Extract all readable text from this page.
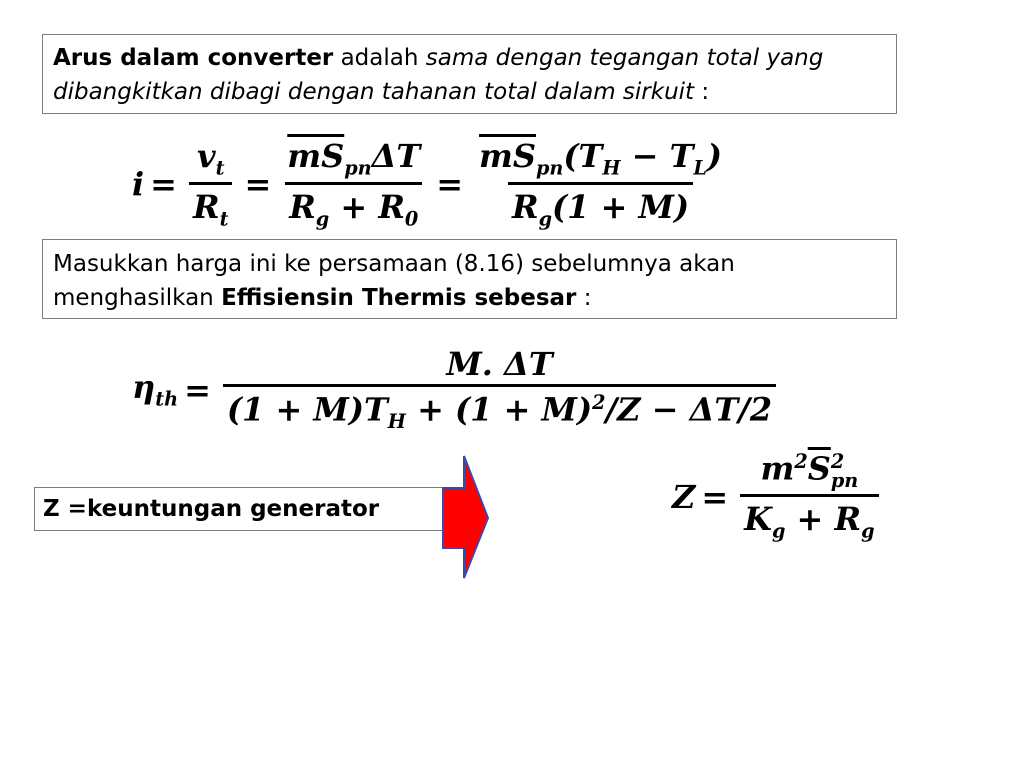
Arus dalam converter adalah sama dengan tegangan total yang dibangkitkan dibagi dengan tahanan total dalam sirkuit :
$i = \frac{v_t}{R_t} = \frac{\overline{mS}_{pn}\Delta T}{R_g + R_0} = \frac{\overline{mS}_{pn}(T_H - T_L)}{R_g(1 + M)}$
Masukkan harga ini ke persamaan (8.16) sebelumnya akan menghasilkan Effisiensin Thermis sebesar :
$\eta_{th} = \frac{M. \Delta T}{(1 + M)T_H + (1 + M)^2/Z - \Delta T/2}$
Z =keuntungan generator	$Z = m^2\overline{S}$ 2
pn
$K_g + R_g$
